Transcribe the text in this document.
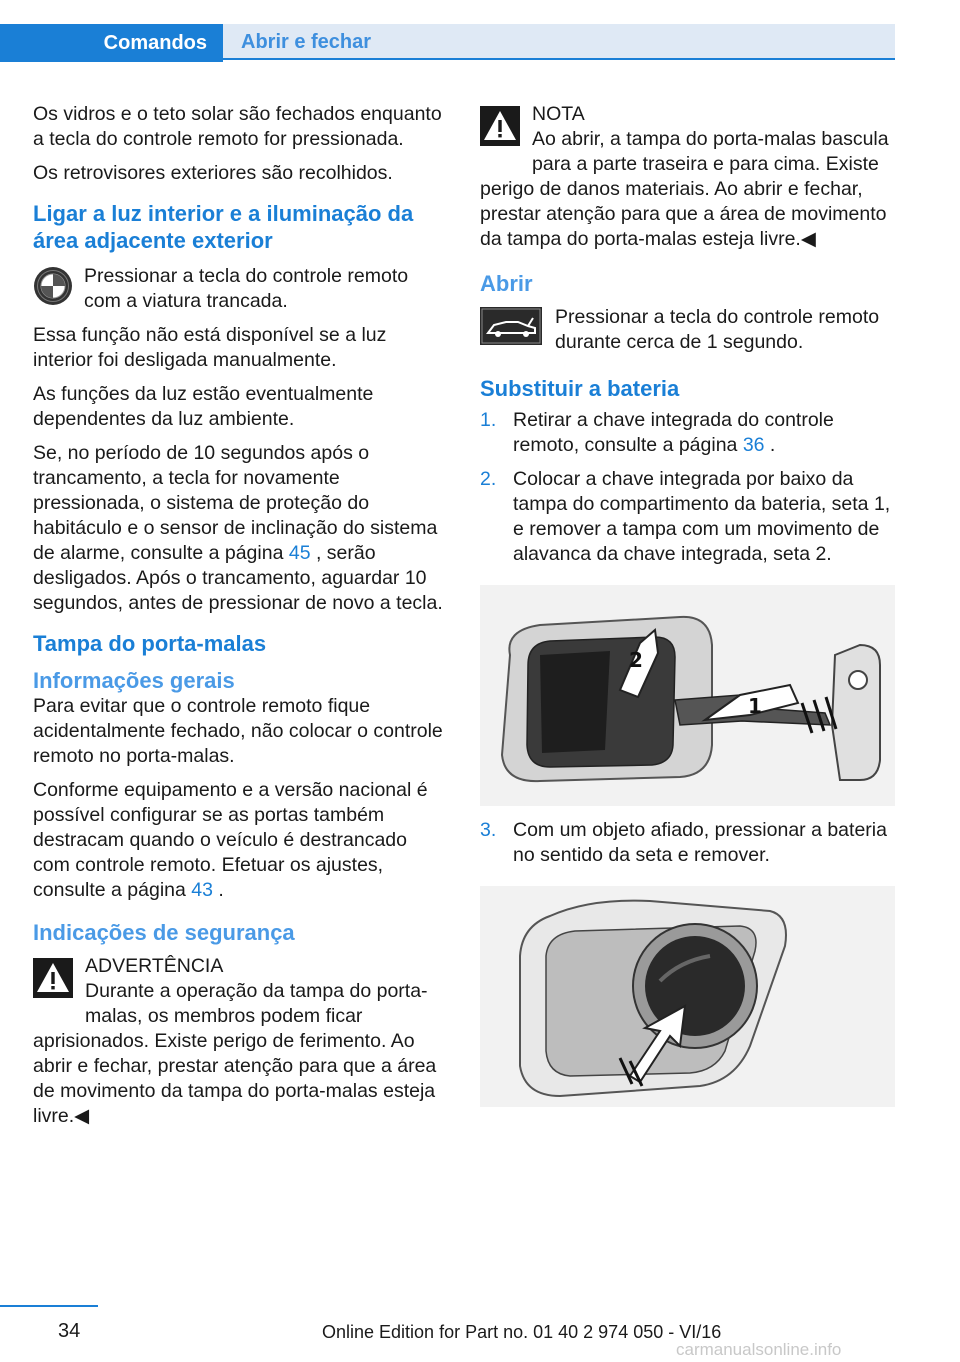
Comandos	Abrir e fechar

Os vidros e o teto solar são fechados enquanto a tecla do controle remoto for pressionada.

Os retrovisores exteriores são recolhidos.

Ligar a luz interior e a iluminação da área adjacente exterior
Pressionar a tecla do controle remoto com a viatura trancada.

Essa função não está disponível se a luz interior foi desligada manualmente.

As funções da luz estão eventualmente dependentes da luz ambiente.

Se, no período de 10 segundos após o trancamento, a tecla for novamente pressionada, o sistema de proteção do habitáculo e o sensor de inclinação do sistema de alarme, consulte a página 45 , serão desligados. Após o trancamento, aguardar 10 segundos, antes de pressionar de novo a tecla.

Tampa do porta-malas
Informações gerais

Para evitar que o controle remoto fique acidentalmente fechado, não colocar o controle remoto no porta-malas.

Conforme equipamento e a versão nacional é possível configurar se as portas também destracam quando o veículo é destrancado com controle remoto. Efetuar os ajustes, consulte a página 43 .

Indicações de segurança
ADVERTÊNCIA
Durante a operação da tampa do porta-malas, os membros podem ficar aprisionados. Existe perigo de ferimento. Ao abrir e fechar, prestar atenção para que a área de movimento da tampa do porta-malas esteja livre.◀
NOTA
Ao abrir, a tampa do porta-malas bascula para a parte traseira e para cima. Existe perigo de danos materiais. Ao abrir e fechar, prestar atenção para que a área de movimento da tampa do porta-malas esteja livre.◀
Abrir
Pressionar a tecla do controle remoto durante cerca de 1 segundo.
Substituir a bateria
1. Retirar a chave integrada do controle remoto, consulte a página 36 .
2. Colocar a chave integrada por baixo da tampa do compartimento da bateria, seta 1, e remover a tampa com um movimento de alavanca da chave integrada, seta 2.
2
1
3. Com um objeto afiado, pressionar a bateria no sentido da seta e remover.
34	Online Edition for Part no. 01 40 2 974 050 - VI/16
carmanualsonline.info
